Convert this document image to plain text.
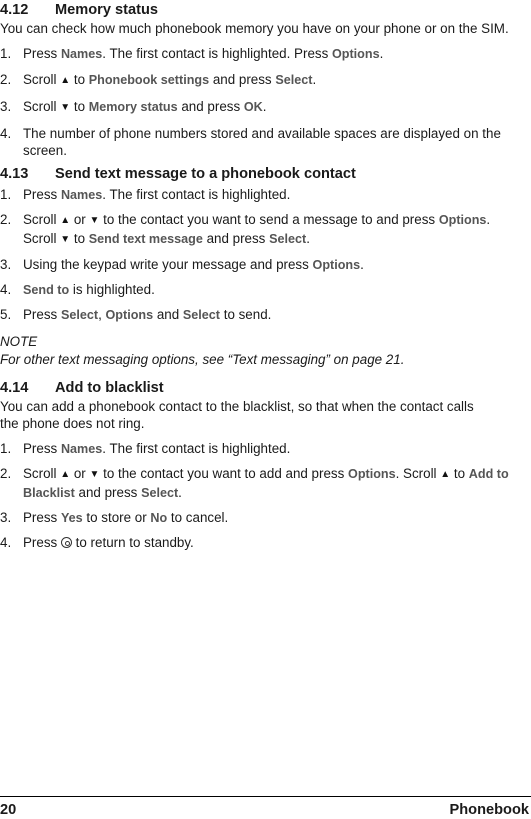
4.12 Memory status

You can check how much phonebook memory you have on your phone or on the SIM.

1. Press Names. The first contact is highlighted. Press Options.
2. Scroll ▲ to Phonebook settings and press Select.
3. Scroll ▼ to Memory status and press OK.
4. The number of phone numbers stored and available spaces are displayed on the screen.
4.13 Send text message to a phonebook contact
1. Press Names. The first contact is highlighted.
2. Scroll ▲ or ▼ to the contact you want to send a message to and press Options. Scroll ▼ to Send text message and press Select.
3. Using the keypad write your message and press Options.
4. Send to is highlighted.
5. Press Select, Options and Select to send.
NOTE
For other text messaging options, see “Text messaging” on page 21.
4.14 Add to blacklist

You can add a phonebook contact to the blacklist, so that when the contact calls the phone does not ring.

1. Press Names. The first contact is highlighted.
2. Scroll ▲ or ▼ to the contact you want to add and press Options. Scroll ▲ to Add to Blacklist and press Select.
3. Press Yes to store or No to cancel.
4. Press  to return to standby.
20	Phonebook
